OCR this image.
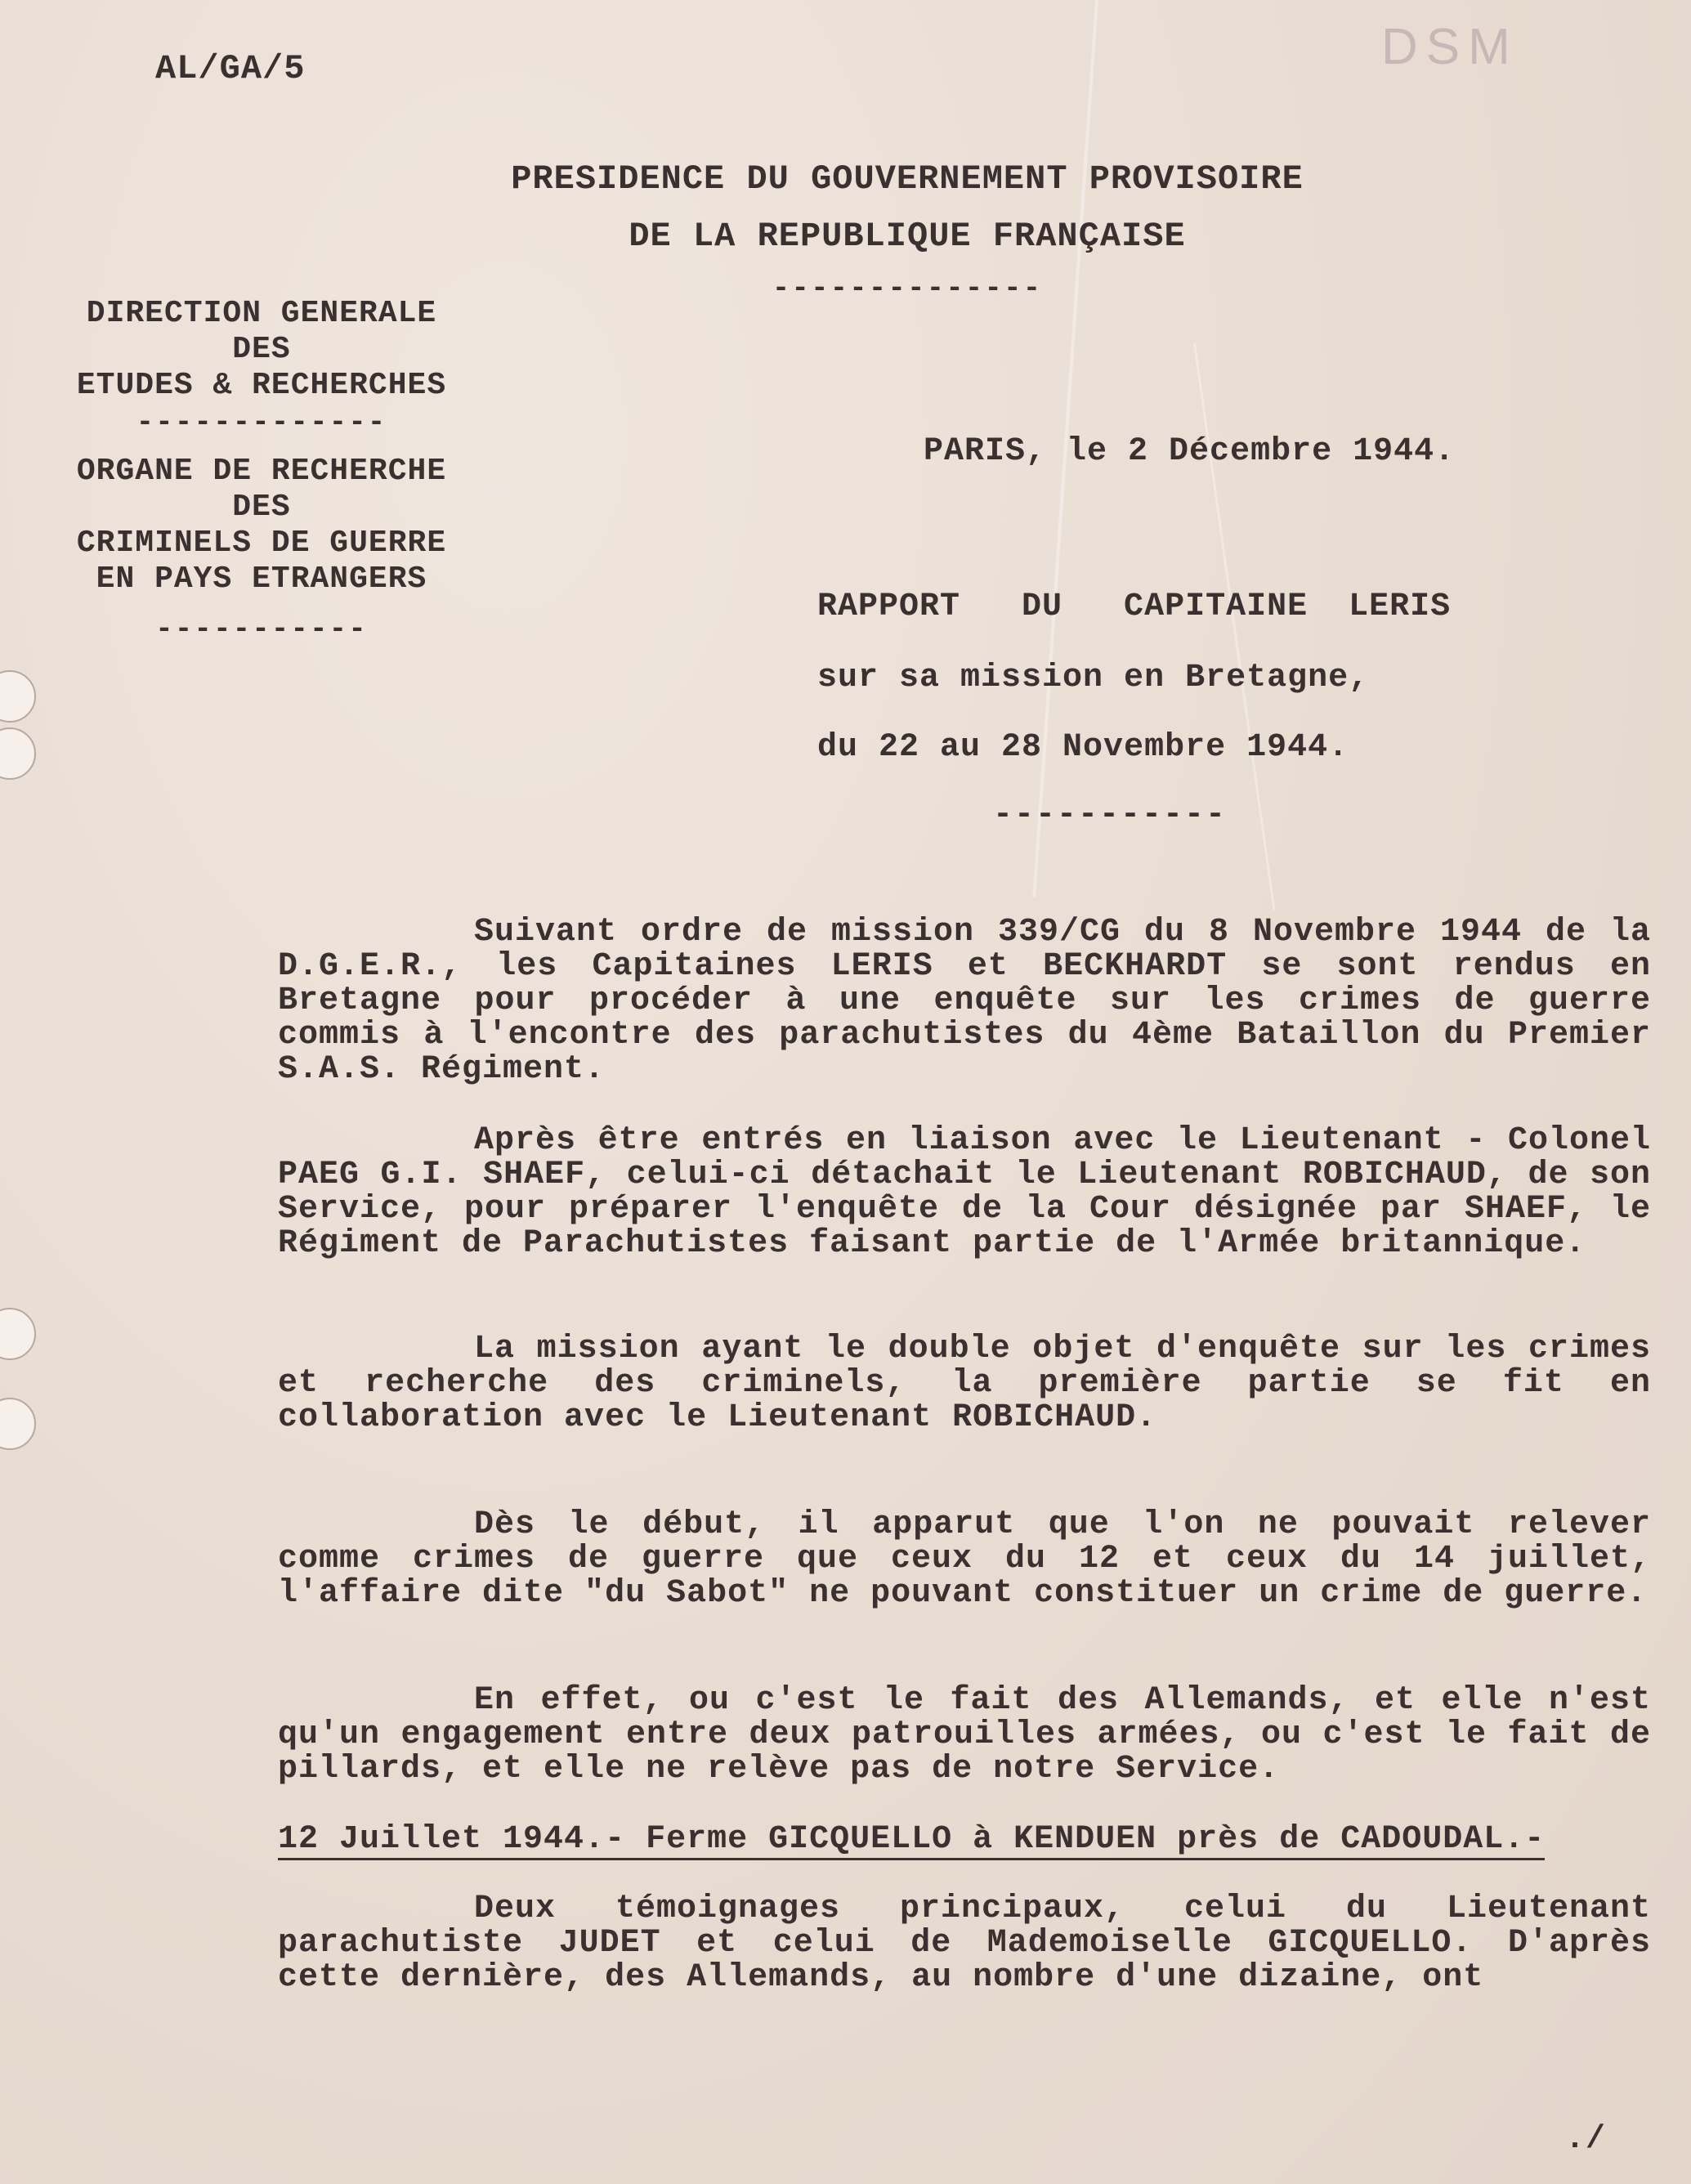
AL/GA/5	DSM
PRESIDENCE DU GOUVERNEMENT PROVISOIRE
DE LA REPUBLIQUE FRANÇAISE
--------------
DIRECTION GENERALE
DES
ETUDES & RECHERCHES
-------------
ORGANE DE RECHERCHE
DES
CRIMINELS DE GUERRE
EN PAYS ETRANGERS
-----------
PARIS, le 2 Décembre 1944.
RAPPORT   DU   CAPITAINE  LERIS
sur sa mission en Bretagne,
du 22 au 28 Novembre 1944.
-----------
Suivant ordre de mission 339/CG du 8 Novembre 1944 de la D.G.E.R., les Capitaines LERIS et BECKHARDT se sont rendus en Bretagne pour procéder à une enquête sur les crimes de guerre commis à l'encontre des parachutistes du 4ème Bataillon du Premier S.A.S. Régiment.
Après être entrés en liaison avec le Lieutenant - Colonel PAEG G.I. SHAEF, celui-ci détachait le Lieutenant ROBICHAUD, de son Service, pour préparer l'enquête de la Cour désignée par SHAEF, le Régiment de Parachutistes faisant partie de l'Armée britannique.
La mission ayant le double objet d'enquête sur les crimes et recherche des criminels, la première partie se fit en collaboration avec le Lieutenant ROBICHAUD.
Dès le début, il apparut que l'on ne pouvait relever comme crimes de guerre que ceux du 12 et ceux du 14 juillet, l'affaire dite "du Sabot" ne pouvant constituer un crime de guerre.
En effet, ou c'est le fait des Allemands, et elle n'est qu'un engagement entre deux patrouilles armées, ou c'est le fait de pillards, et elle ne relève pas de notre Service.
12 Juillet 1944.- Ferme GICQUELLO à KENDUEN près de CADOUDAL.-
Deux témoignages principaux, celui du Lieutenant parachutiste JUDET et celui de Mademoiselle GICQUELLO. D'après cette dernière, des Allemands, au nombre d'une dizaine, ont
./
